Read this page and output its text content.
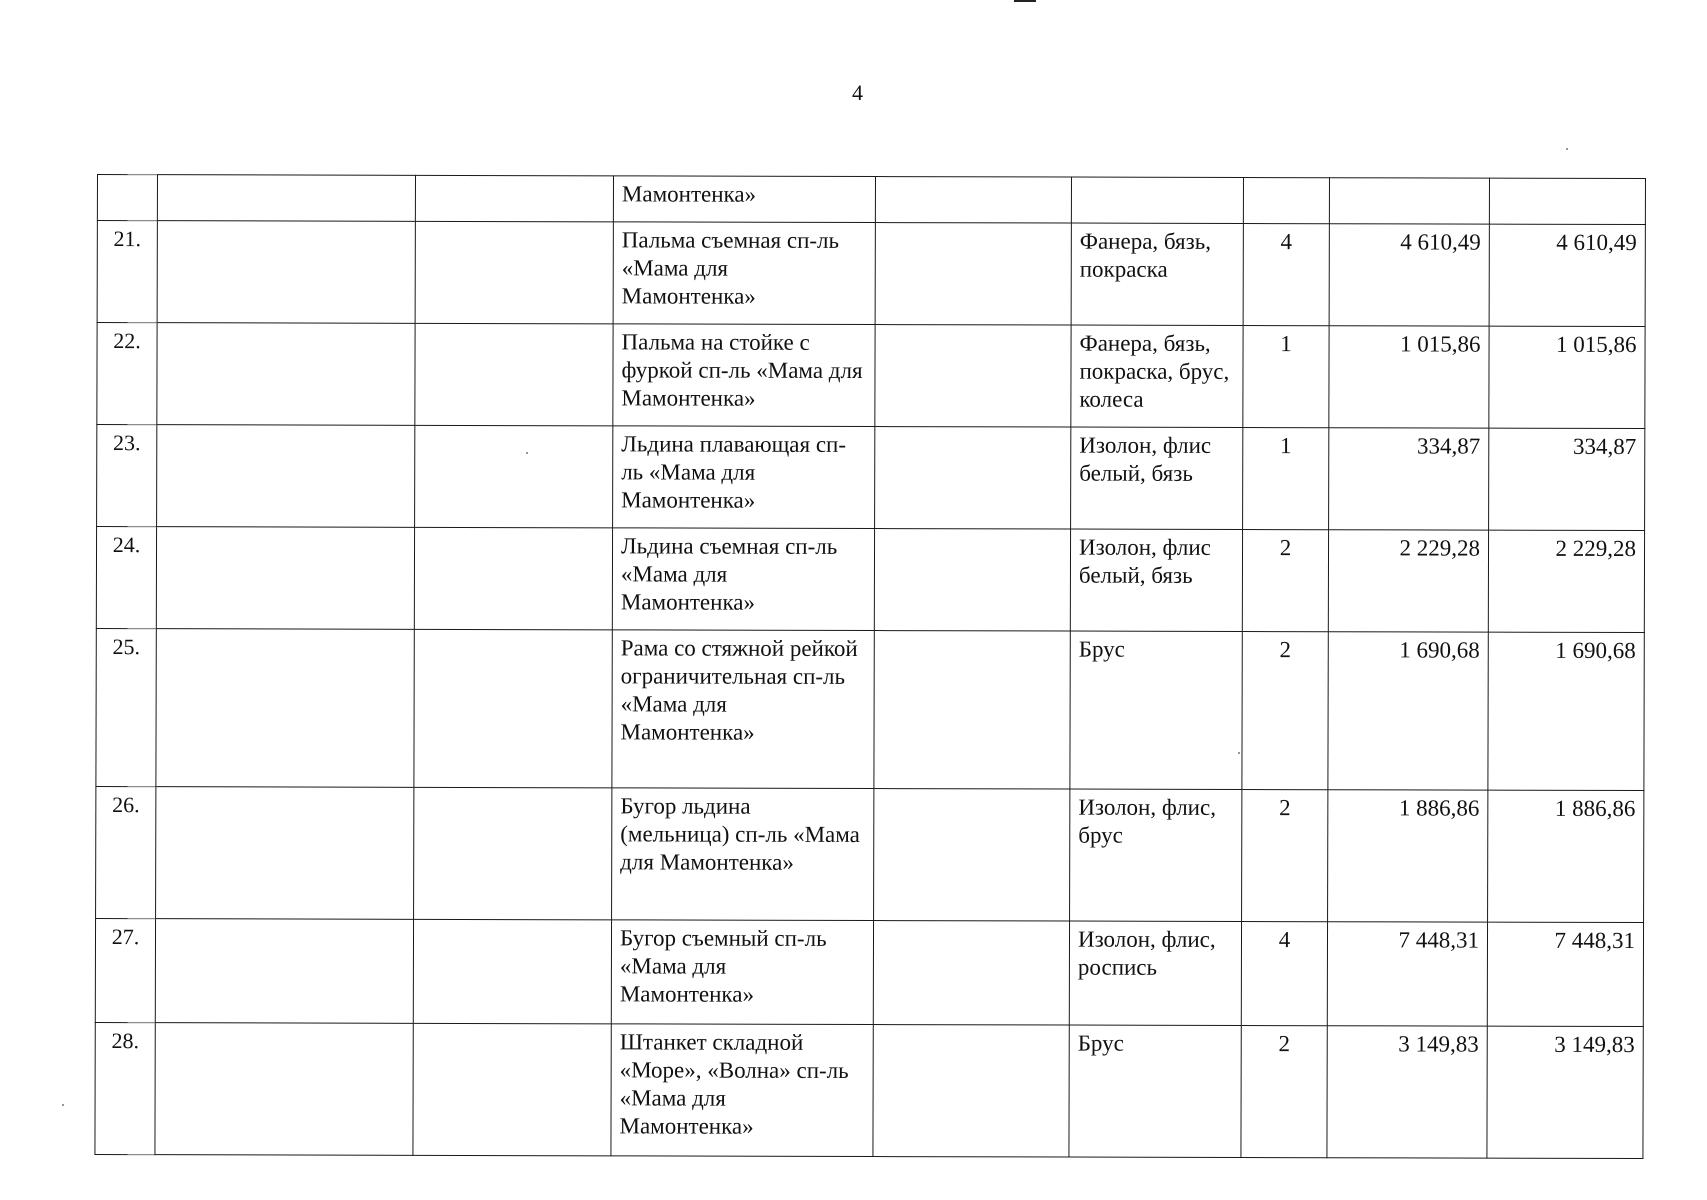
4
			Мамонтенка»					
21.			Пальма съемная сп-ль «Мама для Мамонтенка»		Фанера, бязь, покраска	4	4 610,49	4 610,49
22.			Пальма на стойке с фуркой сп-ль «Мама для Мамонтенка»		Фанера, бязь, покраска, брус, колеса	1	1 015,86	1 015,86
23.			Льдина плавающая сп-ль «Мама для Мамонтенка»		Изолон, флис белый, бязь	1	334,87	334,87
24.			Льдина съемная сп-ль «Мама для Мамонтенка»		Изолон, флис белый, бязь	2	2 229,28	2 229,28
25.			Рама со стяжной рейкой ограничительная сп-ль «Мама для Мамонтенка»		Брус	2	1 690,68	1 690,68
26.			Бугор льдина (мельница) сп-ль «Мама для Мамонтенка»		Изолон, флис, брус	2	1 886,86	1 886,86
27.			Бугор съемный сп-ль «Мама для Мамонтенка»		Изолон, флис, роспись	4	7 448,31	7 448,31
28.			Штанкет складной «Море», «Волна» сп-ль «Мама для Мамонтенка»		Брус	2	3 149,83	3 149,83
